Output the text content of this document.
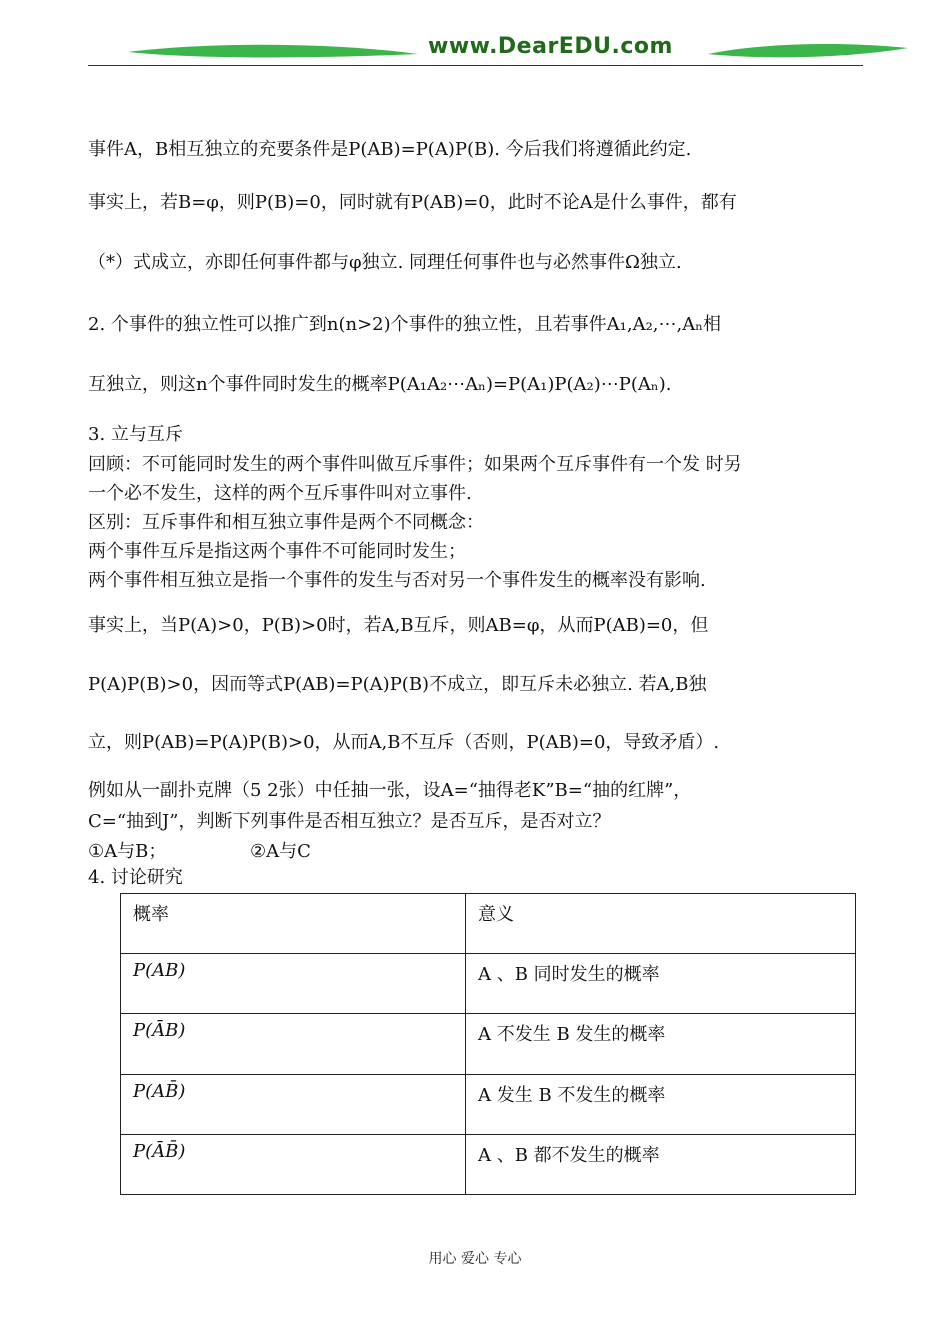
www.DearEDU.com
事件A，B相互独立的充要条件是P(AB)=P(A)P(B). 今后我们将遵循此约定.
事实上，若B=φ，则P(B)=0，同时就有P(AB)=0，此时不论A是什么事件，都有
（*）式成立，亦即任何事件都与φ独立. 同理任何事件也与必然事件Ω独立.
2. 个事件的独立性可以推广到n(n>2)个事件的独立性，且若事件A₁,A₂,⋯,Aₙ相
互独立，则这n个事件同时发生的概率P(A₁A₂⋯Aₙ)=P(A₁)P(A₂)⋯P(Aₙ).
3. 立与互斥
回顾：不可能同时发生的两个事件叫做互斥事件；如果两个互斥事件有一个发 时另
一个必不发生，这样的两个互斥事件叫对立事件.
区别：互斥事件和相互独立事件是两个不同概念：
两个事件互斥是指这两个事件不可能同时发生；
两个事件相互独立是指一个事件的发生与否对另一个事件发生的概率没有影响.
事实上，当P(A)>0，P(B)>0时，若A,B互斥，则AB=φ，从而P(AB)=0，但
P(A)P(B)>0，因而等式P(AB)=P(A)P(B)不成立，即互斥未必独立. 若A,B独
立，则P(AB)=P(A)P(B)>0，从而A,B不互斥（否则，P(AB)=0，导致矛盾）.
例如从一副扑克牌（5 2张）中任抽一张，设A=“抽得老K”B=“抽的红牌”，
C=“抽到J”，判断下列事件是否相互独立？是否互斥，是否对立？
①A与B；	②A与C
4. 讨论研究
概率	意义
P(AB)	A 、B 同时发生的概率
P(ĀB)	A 不发生 B 发生的概率
P(AB̄)	A 发生 B 不发生的概率
P(ĀB̄)	A 、B 都不发生的概率
用心 爱心 专心
